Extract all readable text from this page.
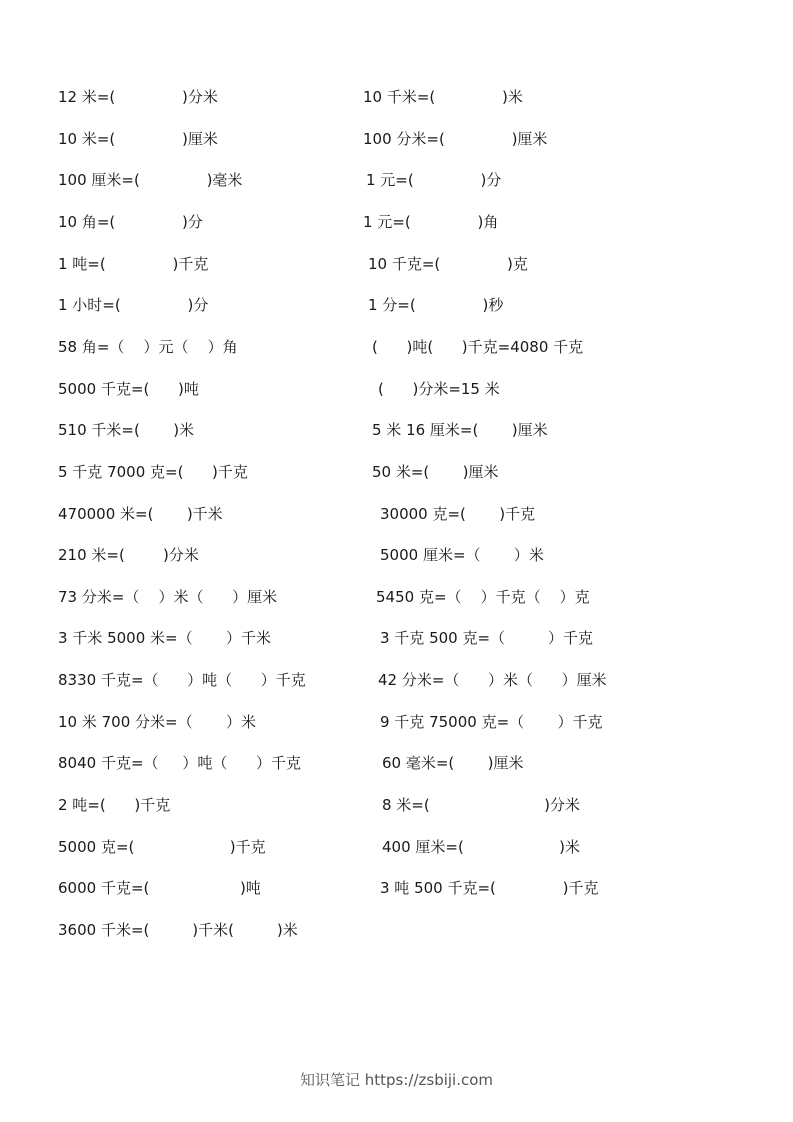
12 米=(              )分米	10 千米=(              )米
10 米=(              )厘米	100 分米=(              )厘米
100 厘米=(              )毫米	1 元=(              )分
10 角=(              )分	1 元=(              )角
1 吨=(              )千克	10 千克=(              )克
1 小时=(              )分	1 分=(              )秒
58 角=（    ）元（    ）角	(      )吨(      )千克=4080 千克
5000 千克=(      )吨	(      )分米=15 米
510 千米=(       )米	5 米 16 厘米=(       )厘米
5 千克 7000 克=(      )千克	50 米=(       )厘米
470000 米=(       )千米	30000 克=(       )千克
210 米=(        )分米	5000 厘米=（       ）米
73 分米=（    ）米（      ）厘米	5450 克=（    ）千克（    ）克
3 千米 5000 米=（       ）千米	3 千克 500 克=（         ）千克
8330 千克=（      ）吨（      ）千克	42 分米=（      ）米（      ）厘米
10 米 700 分米=（       ）米	9 千克 75000 克=（       ）千克
8040 千克=（     ）吨（      ）千克	60 毫米=(       )厘米
2 吨=(      )千克	8 米=(                        )分米
5000 克=(                    )千克	400 厘米=(                    )米
6000 千克=(                   )吨	3 吨 500 千克=(              )千克
3600 千米=(         )千米(         )米
知识笔记 https://zsbiji.com
